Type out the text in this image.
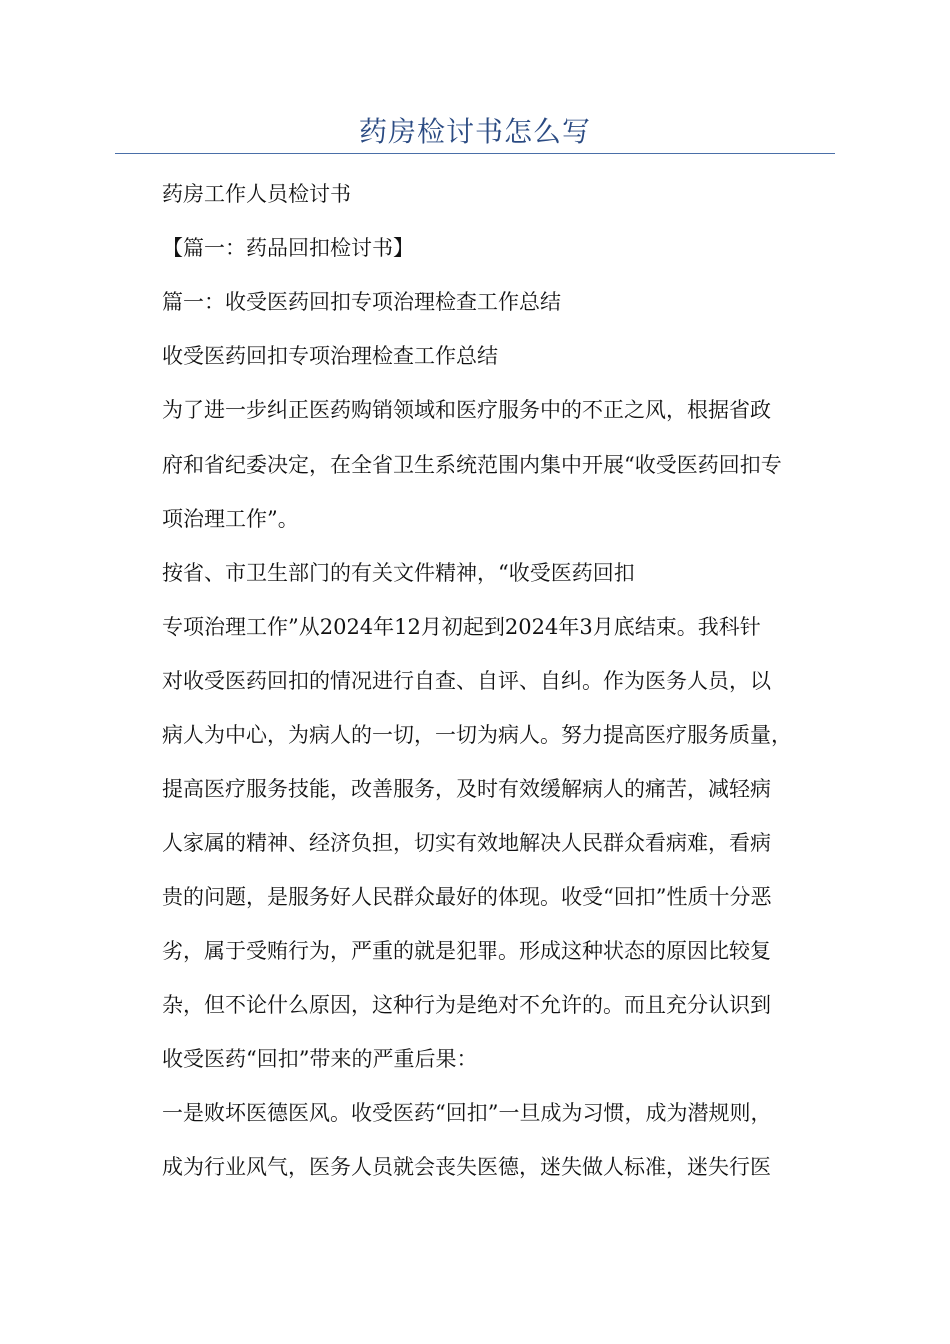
药房检讨书怎么写
药房工作人员检讨书
【篇一：药品回扣检讨书】
篇一：收受医药回扣专项治理检查工作总结
收受医药回扣专项治理检查工作总结
为了进一步纠正医药购销领域和医疗服务中的不正之风，根据省政
府和省纪委决定，在全省卫生系统范围内集中开展“收受医药回扣专
项治理工作”。
按省、市卫生部门的有关文件精神，“收受医药回扣
专项治理工作”从2024年12月初起到2024年3月底结束。我科针
对收受医药回扣的情况进行自查、自评、自纠。作为医务人员，以
病人为中心，为病人的一切，一切为病人。努力提高医疗服务质量，
提高医疗服务技能，改善服务，及时有效缓解病人的痛苦，减轻病
人家属的精神、经济负担，切实有效地解决人民群众看病难，看病
贵的问题，是服务好人民群众最好的体现。收受“回扣”性质十分恶
劣，属于受贿行为，严重的就是犯罪。形成这种状态的原因比较复
杂，但不论什么原因，这种行为是绝对不允许的。而且充分认识到
收受医药“回扣”带来的严重后果：
一是败坏医德医风。收受医药“回扣”一旦成为习惯，成为潜规则，
成为行业风气，医务人员就会丧失医德，迷失做人标准，迷失行医
